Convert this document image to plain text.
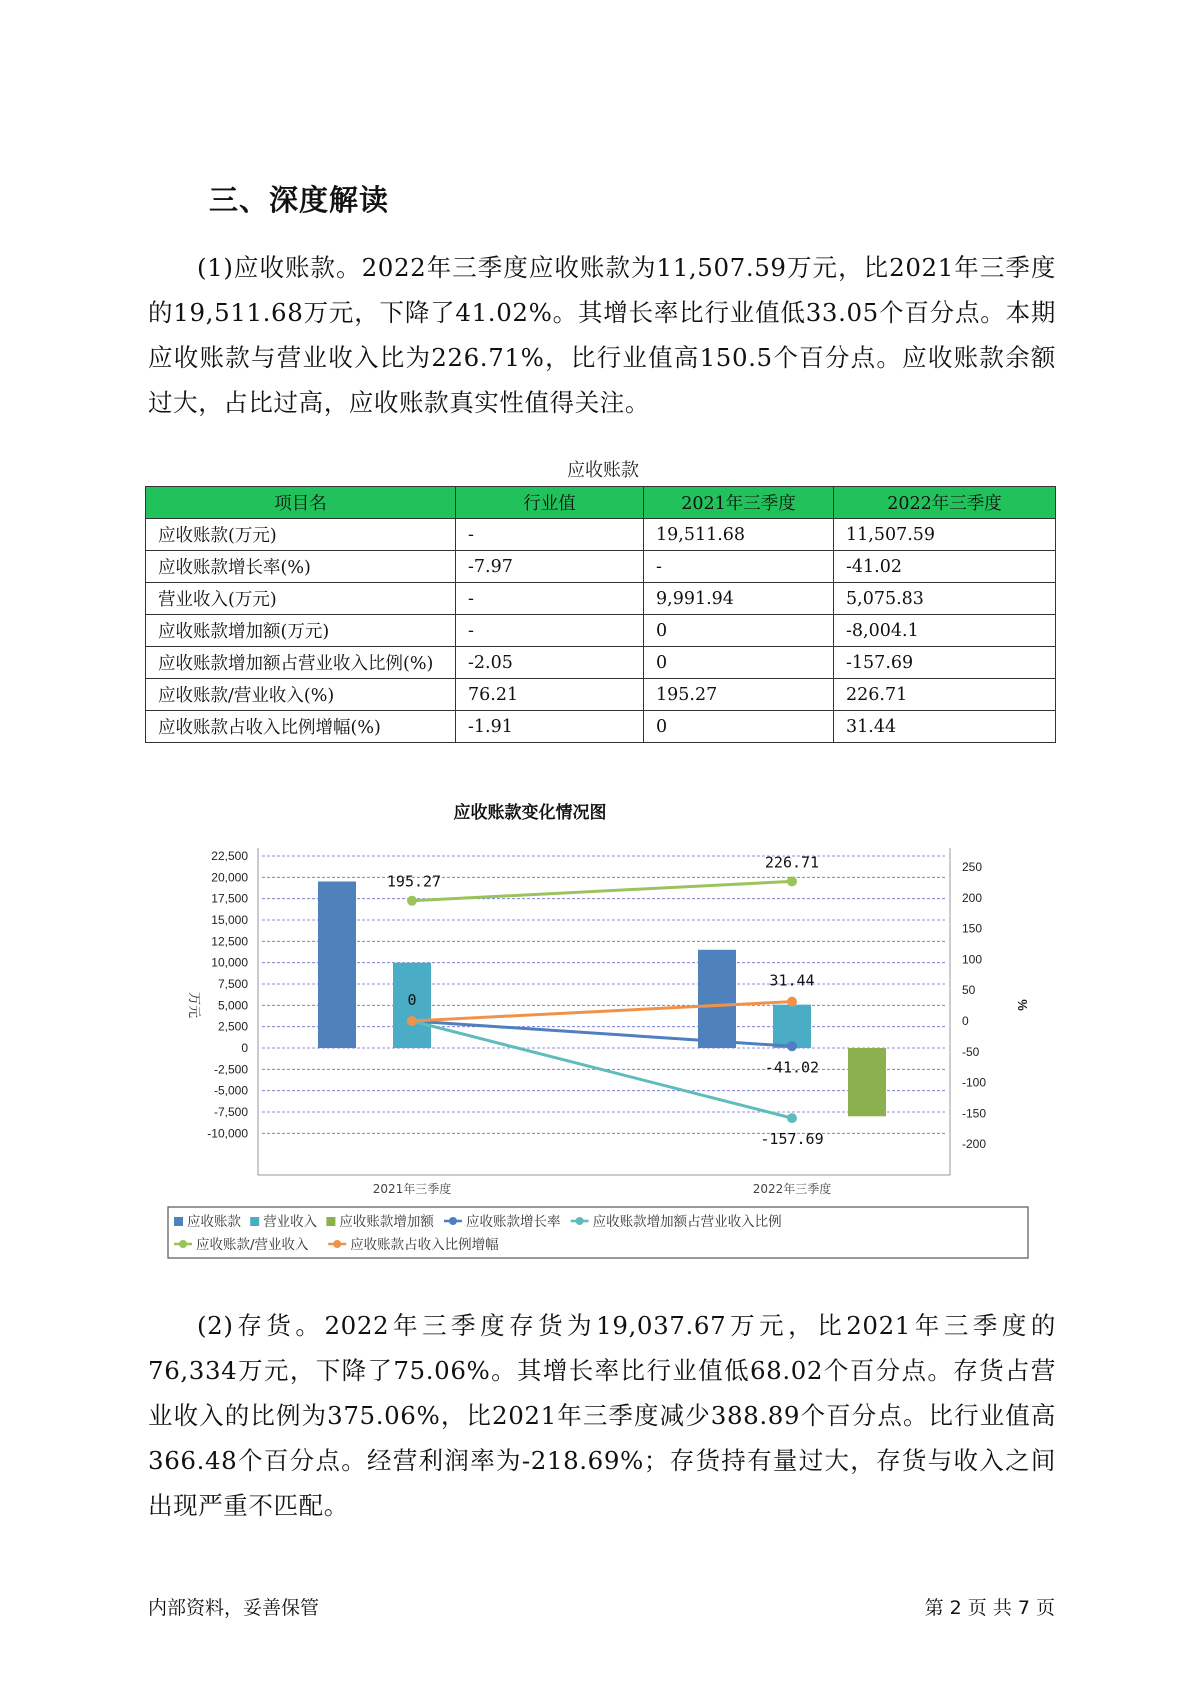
三、深度解读

(1)应收账款。2022年三季度应收账款为11,507.59万元，比2021年三季度的19,511.68万元，下降了41.02%。其增长率比行业值低33.05个百分点。本期应收账款与营业收入比为226.71%，比行业值高150.5个百分点。应收账款余额过大，占比过高，应收账款真实性值得关注。

应收账款
项目名	行业值	2021年三季度	2022年三季度
应收账款(万元)	-	19,511.68	11,507.59
应收账款增长率(%)	-7.97	-	-41.02
营业收入(万元)	-	9,991.94	5,075.83
应收账款增加额(万元)	-	0	-8,004.1
应收账款增加额占营业收入比例(%)	-2.05	0	-157.69
应收账款/营业收入(%)	76.21	195.27	226.71
应收账款占收入比例增幅(%)	-1.91	0	31.44
应收账款变化情况图
22,500
20,000
17,500
15,000
12,500
10,000
7,500
5,000
2,500
0
-2,500
-5,000
-7,500
-10,000
250
200
150
100
50
0
-50
-100
-150
-200
万元	%
2021年三季度	2022年三季度
-41.02
-157.69
195.27
226.71
0
31.44
应收账款 营业收入 应收账款增加额 应收账款增长率 应收账款增加额占营业收入比例
应收账款/营业收入	应收账款占收入比例增幅

(2)存货。2022年三季度存货为19,037.67万元，比2021年三季度的76,334万元，下降了75.06%。其增长率比行业值低68.02个百分点。存货占营业收入的比例为375.06%，比2021年三季度减少388.89个百分点。比行业值高366.48个百分点。经营利润率为-218.69%；存货持有量过大，存货与收入之间出现严重不匹配。

内部资料，妥善保管	第 2 页 共 7 页
